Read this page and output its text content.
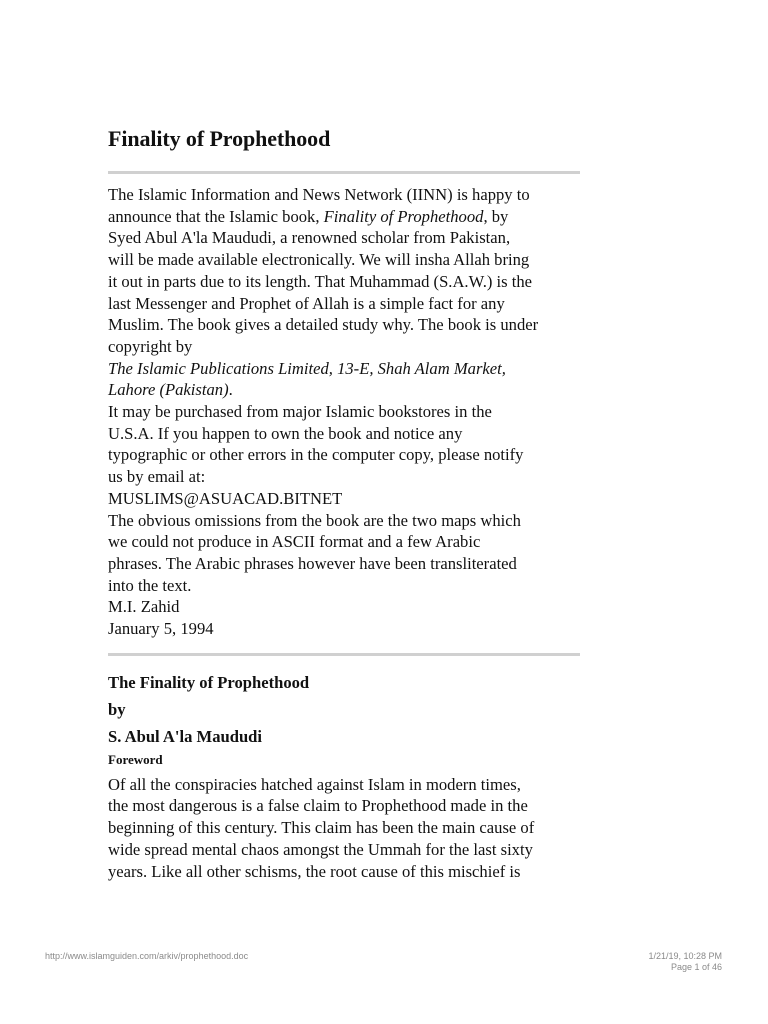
Finality of Prophethood
The Islamic Information and News Network (IINN) is happy to
announce that the Islamic book, Finality of Prophethood, by
Syed Abul A'la Maududi, a renowned scholar from Pakistan,
will be made available electronically. We will insha Allah bring
it out in parts due to its length. That Muhammad (S.A.W.) is the
last Messenger and Prophet of Allah is a simple fact for any
Muslim. The book gives a detailed study why. The book is under
copyright by
The Islamic Publications Limited, 13-E, Shah Alam Market,
Lahore (Pakistan).
It may be purchased from major Islamic bookstores in the
U.S.A. If you happen to own the book and notice any
typographic or other errors in the computer copy, please notify
us by email at:
MUSLIMS@ASUACAD.BITNET
The obvious omissions from the book are the two maps which
we could not produce in ASCII format and a few Arabic
phrases. The Arabic phrases however have been transliterated
into the text.
M.I. Zahid
January 5, 1994
The Finality of Prophethood
by
S. Abul A'la Maududi
Foreword
Of all the conspiracies hatched against Islam in modern times,
the most dangerous is a false claim to Prophethood made in the
beginning of this century. This claim has been the main cause of
wide spread mental chaos amongst the Ummah for the last sixty
years. Like all other schisms, the root cause of this mischief is
http://www.islamguiden.com/arkiv/prophethood.doc	1/21/19, 10:28 PM
Page 1 of 46
